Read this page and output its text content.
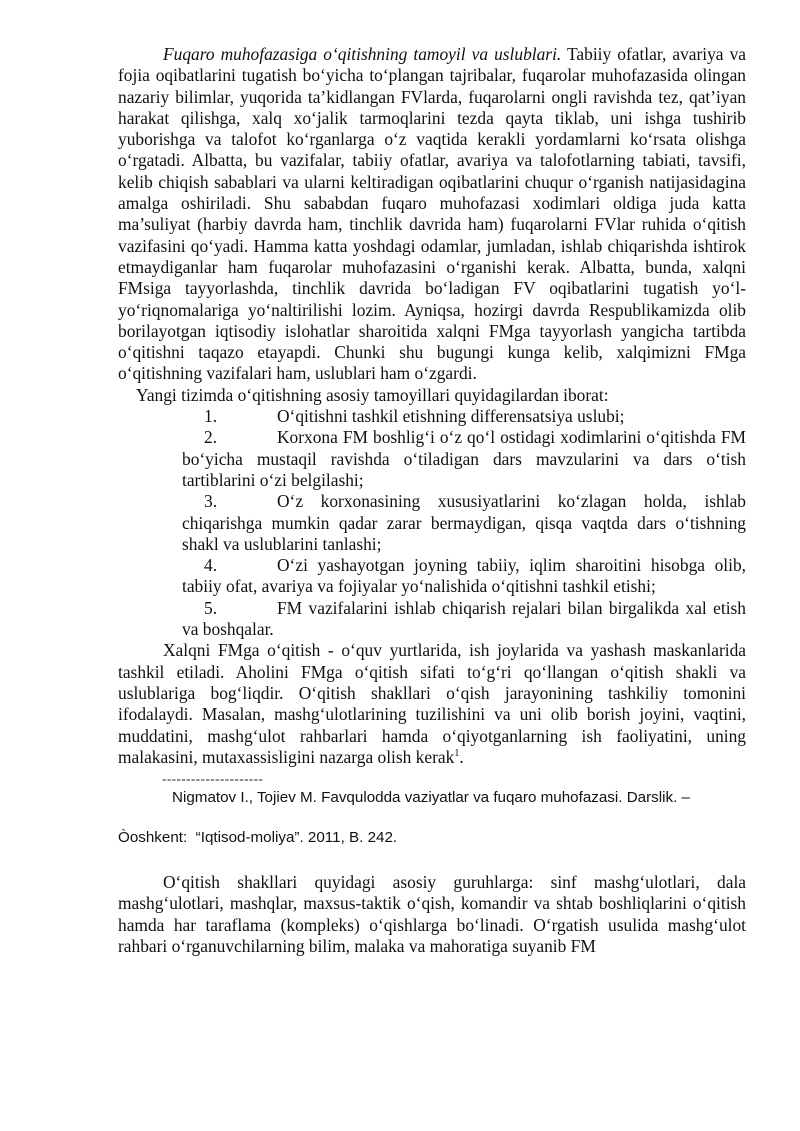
Fuqaro muhofazasiga o‘qitishning tamoyil va uslublari. Tabiiy ofatlar, avariya va fojia oqibatlarini tugatish bo‘yicha to‘plangan tajribalar, fuqarolar muhofazasida olingan nazariy bilimlar, yuqorida ta’kidlangan FVlarda, fuqarolarni ongli ravishda tez, qat’iyan harakat qilishga, xalq xo‘jalik tarmoqlarini tezda qayta tiklab, uni ishga tushirib yuborishga va talofot ko‘rganlarga o‘z vaqtida kerakli yordamlarni ko‘rsata olishga o‘rgatadi. Albatta, bu vazifalar, tabiiy ofatlar, avariya va talofotlarning tabiati, tavsifi, kelib chiqish sabablari va ularni keltiradigan oqibatlarini chuqur o‘rganish natijasidagina amalga oshiriladi. Shu sababdan fuqaro muhofazasi xodimlari oldiga juda katta ma’suliyat (harbiy davrda ham, tinchlik davrida ham) fuqarolarni FVlar ruhida o‘qitish vazifasini qo‘yadi. Hamma katta yoshdagi odamlar, jumladan, ishlab chiqarishda ishtirok etmaydiganlar ham fuqarolar muhofazasini o‘rganishi kerak. Albatta, bunda, xalqni FMsiga tayyorlashda, tinchlik davrida bo‘ladigan FV oqibatlarini tugatish yo‘l-yo‘riqnomalariga yo‘naltirilishi lozim. Ayniqsa, hozirgi davrda Respublikamizda olib borilayotgan iqtisodiy islohatlar sharoitida xalqni FMga tayyorlash yangicha tartibda o‘qitishni taqazo etayapdi. Chunki shu bugungi kunga kelib, xalqimizni FMga o‘qitishning vazifalari ham, uslublari ham o‘zgardi.

Yangi tizimda o‘qitishning asosiy tamoyillari quyidagilardan iborat:

1.	O‘qitishni tashkil etishning differensatsiya uslubi;
2.	Korxona FM boshlig‘i o‘z qo‘l ostidagi xodimlarini o‘qitishda FM bo‘yicha mustaqil ravishda o‘tiladigan dars mavzularini va dars o‘tish tartiblarini o‘zi belgilashi;
3.	O‘z korxonasining xususiyatlarini ko‘zlagan holda, ishlab chiqarishga mumkin qadar zarar bermaydigan, qisqa vaqtda dars o‘tishning shakl va uslublarini tanlashi;
4.	O‘zi yashayotgan joyning tabiiy, iqlim sharoitini hisobga olib, tabiiy ofat, avariya va fojiyalar yo‘nalishida o‘qitishni tashkil etishi;
5.	FM vazifalarini ishlab chiqarish rejalari bilan birgalikda xal etish va boshqalar.

Xalqni FMga o‘qitish - o‘quv yurtlarida, ish joylarida va yashash maskanlarida tashkil etiladi. Aholini FMga o‘qitish sifati to‘g‘ri qo‘llangan o‘qitish shakli va uslublariga bog‘liqdir. O‘qitish shakllari o‘qish jarayonining tashkiliy tomonini ifodalaydi. Masalan, mashg‘ulotlarining tuzilishini va uni olib borish joyini, vaqtini, muddatini, mashg‘ulot rahbarlari hamda o‘qiyotganlarning ish faoliyatini, uning malakasini, mutaxassisligini nazarga olish kerak$^1$.

---------------------
Nigmatov I., Tojiev M. Favqulodda vaziyatlar va fuqaro muhofazasi. Darslik. –
Òoshkent:  “Iqtisod-moliya”. 2011, B. 242.

O‘qitish shakllari quyidagi asosiy guruhlarga: sinf mashg‘ulotlari, dala mashg‘ulotlari, mashqlar, maxsus-taktik o‘qish, komandir va shtab boshliqlarini o‘qitish hamda har taraflama (kompleks) o‘qishlarga bo‘linadi. O‘rgatish usulida mashg‘ulot rahbari o‘rganuvchilarning bilim, malaka va mahoratiga suyanib FM
